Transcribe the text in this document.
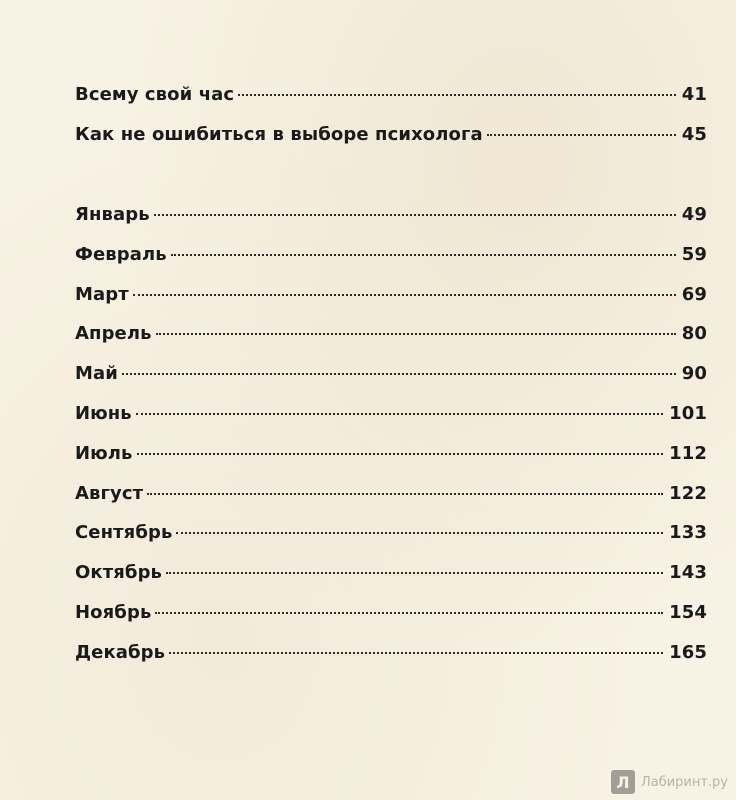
Всему свой час	41
Как не ошибиться в выборе психолога	45
Январь	49
Февраль	59
Март	69
Апрель	80
Май	90
Июнь	101
Июль	112
Август	122
Сентябрь	133
Октябрь	143
Ноябрь	154
Декабрь	165
Л Лабиринт.ру
